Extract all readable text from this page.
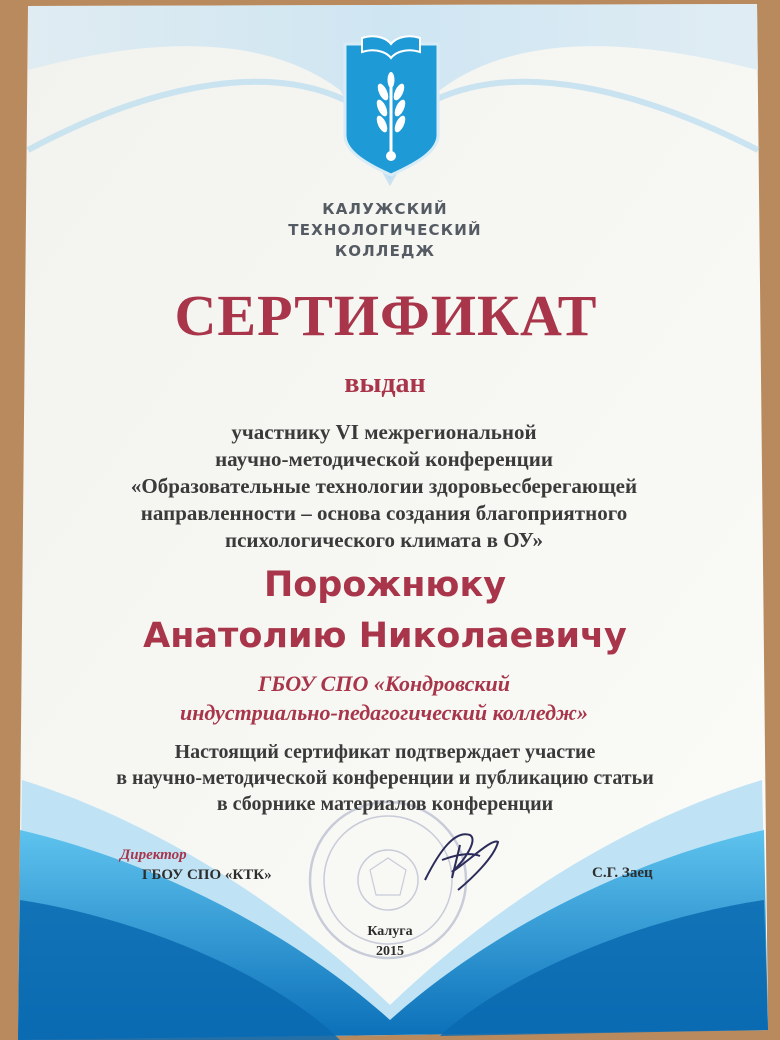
КАЛУЖСКИЙ
ТЕХНОЛОГИЧЕСКИЙ
КОЛЛЕДЖ
СЕРТИФИКАТ
выдан
участнику VI межрегиональной
научно-методической конференции
«Образовательные технологии здоровьесберегающей
направленности – основа создания благоприятного
психологического климата в ОУ»
Порожнюку
Анатолию Николаевичу
ГБОУ СПО «Кондровский
индустриально-педагогический колледж»
Настоящий сертификат подтверждает участие
в научно-методической конференции и публикацию статьи
в сборнике материалов конференции
Директор
ГБОУ СПО «КТК»	С.Г. Заец
Калуга
2015
